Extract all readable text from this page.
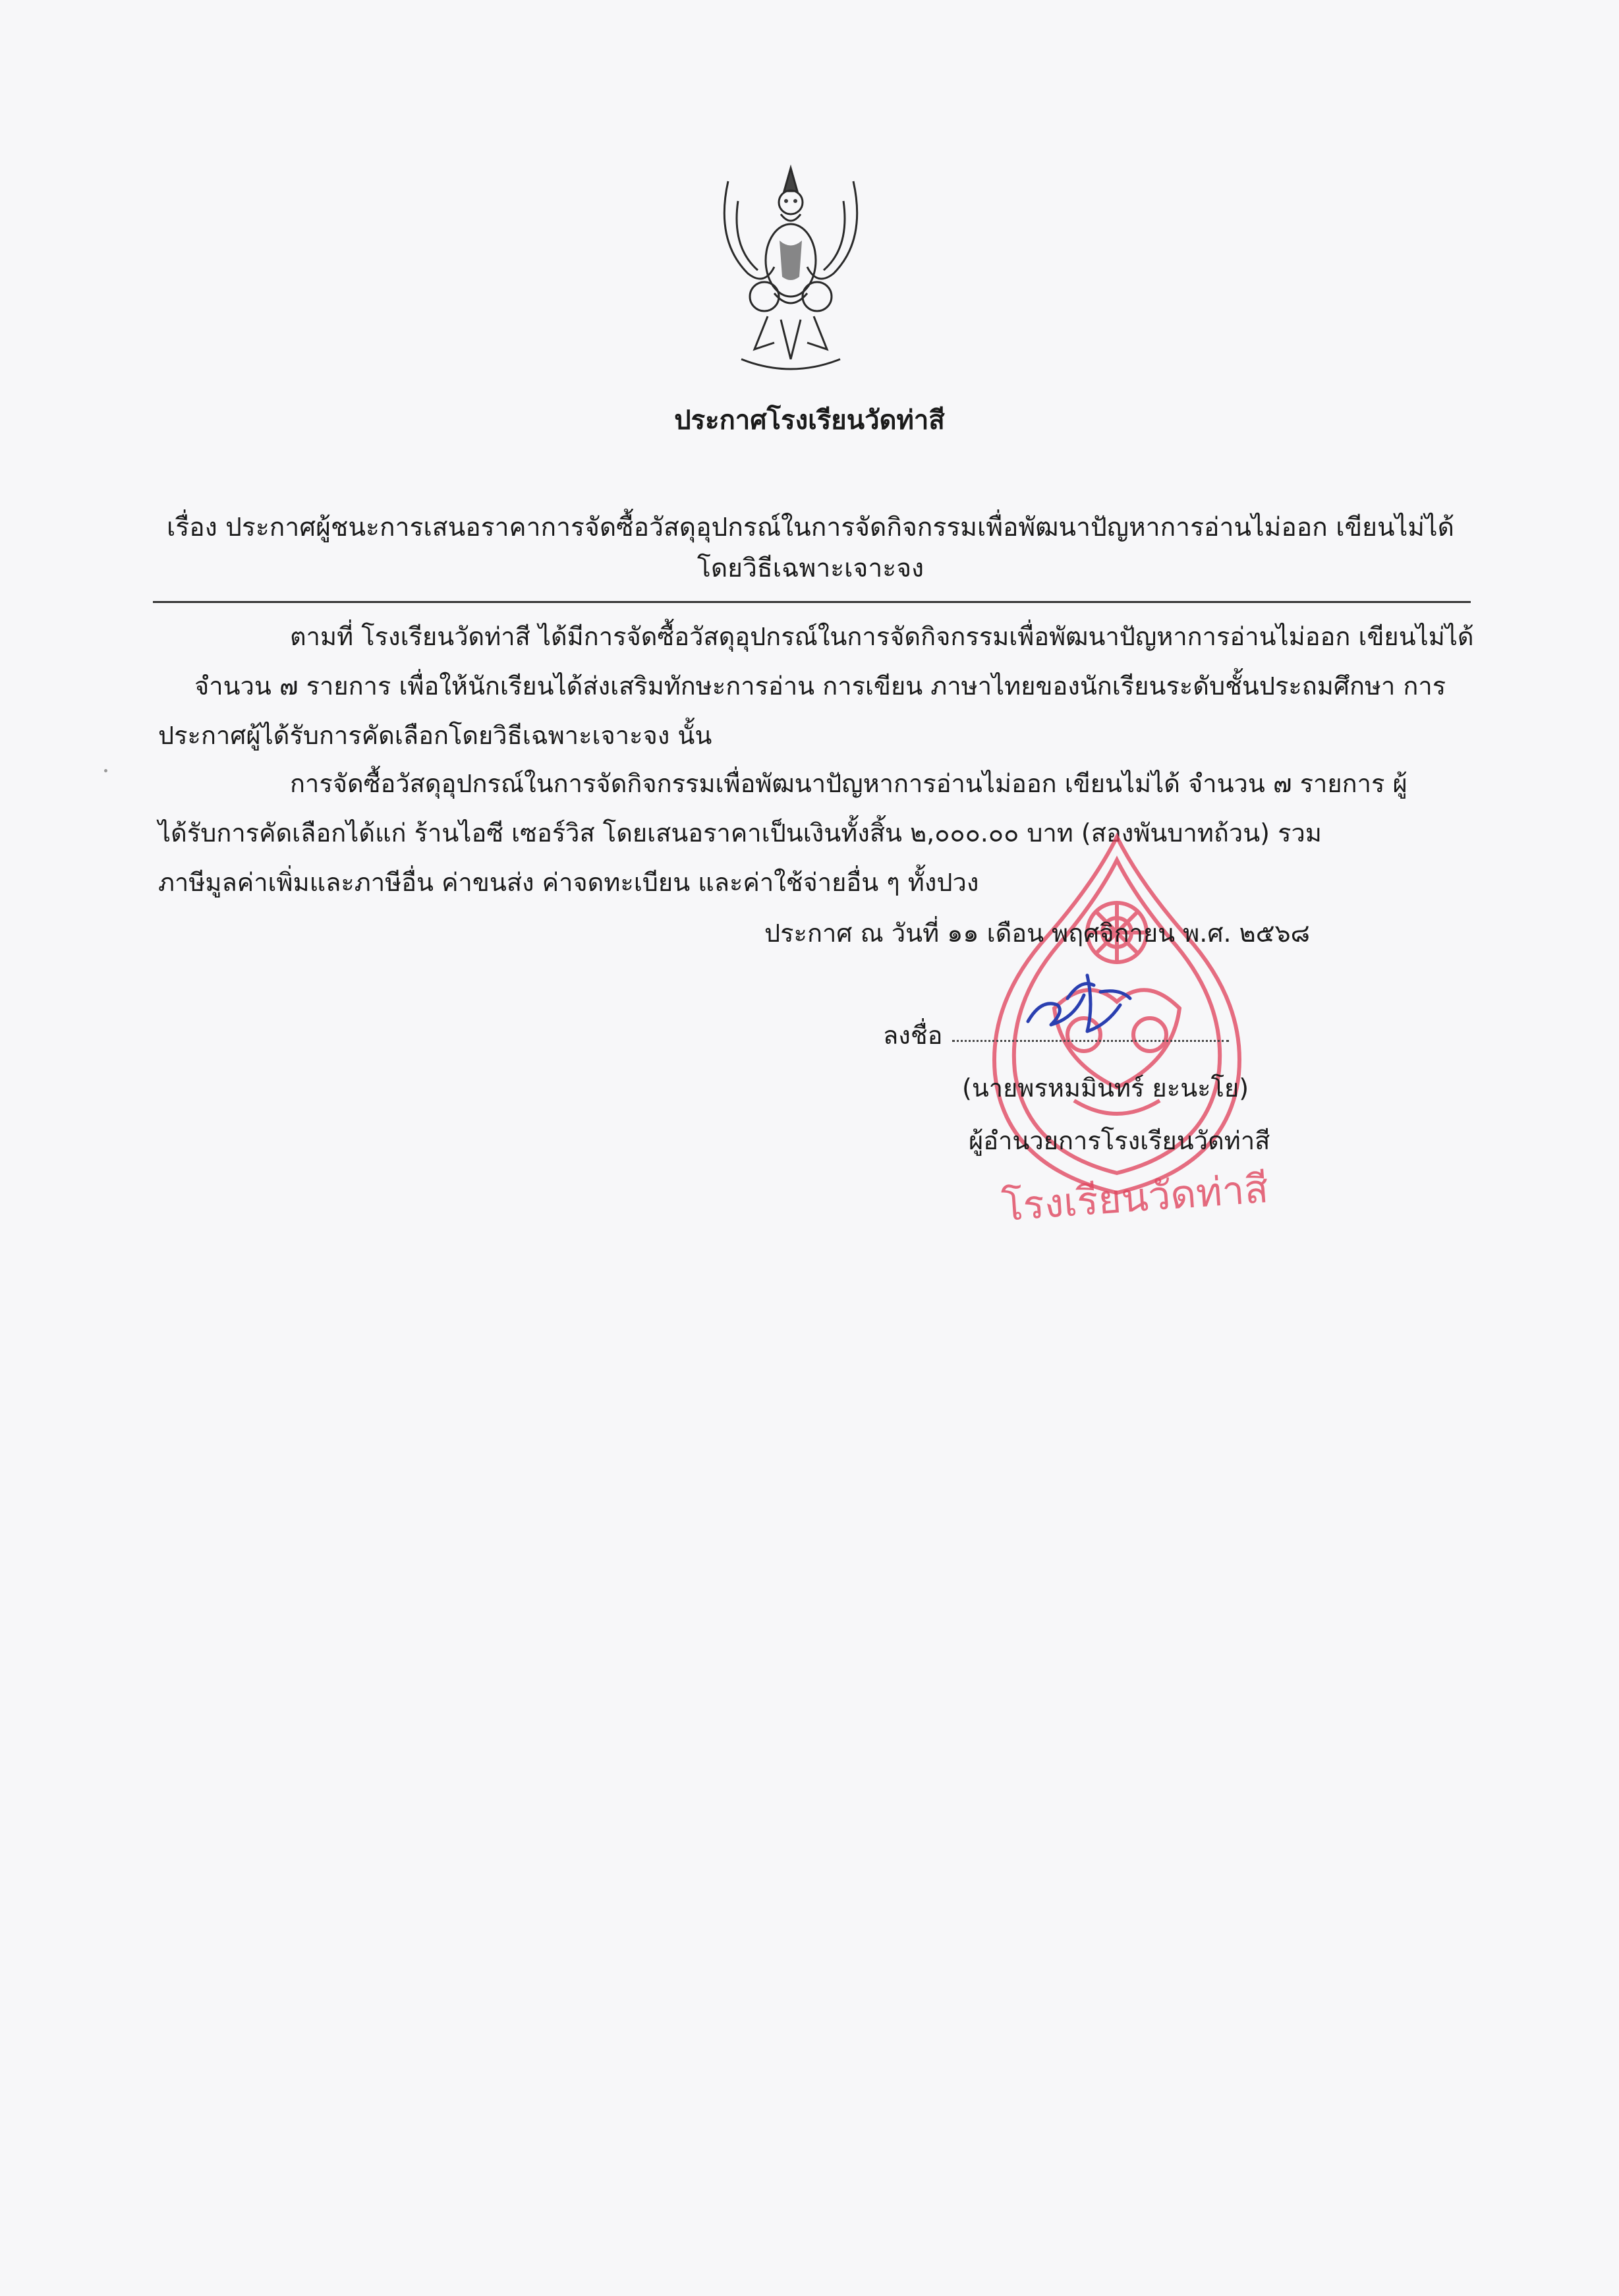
ประกาศโรงเรียนวัดท่าสี
เรื่อง ประกาศผู้ชนะการเสนอราคาการจัดซื้อวัสดุอุปกรณ์ในการจัดกิจกรรมเพื่อพัฒนาปัญหาการอ่านไม่ออก เขียนไม่ได้
โดยวิธีเฉพาะเจาะจง
ตามที่ โรงเรียนวัดท่าสี ได้มีการจัดซื้อวัสดุอุปกรณ์ในการจัดกิจกรรมเพื่อพัฒนาปัญหาการอ่านไม่ออก เขียนไม่ได้
จำนวน ๗ รายการ เพื่อให้นักเรียนได้ส่งเสริมทักษะการอ่าน การเขียน ภาษาไทยของนักเรียนระดับชั้นประถมศึกษา การ
ประกาศผู้ได้รับการคัดเลือกโดยวิธีเฉพาะเจาะจง นั้น
การจัดซื้อวัสดุอุปกรณ์ในการจัดกิจกรรมเพื่อพัฒนาปัญหาการอ่านไม่ออก เขียนไม่ได้ จำนวน ๗ รายการ ผู้
ได้รับการคัดเลือกได้แก่ ร้านไอซี เซอร์วิส โดยเสนอราคาเป็นเงินทั้งสิ้น ๒,๐๐๐.๐๐ บาท (สองพันบาทถ้วน) รวม
ภาษีมูลค่าเพิ่มและภาษีอื่น ค่าขนส่ง ค่าจดทะเบียน และค่าใช้จ่ายอื่น ๆ ทั้งปวง
โรงเรียนวัดท่าสี
ประกาศ ณ วันที่ ๑๑ เดือน พฤศจิกายน พ.ศ. ๒๕๖๘
ลงชื่อ
(นายพรหมมินทร์ ยะนะโย)
ผู้อำนวยการโรงเรียนวัดท่าสี
